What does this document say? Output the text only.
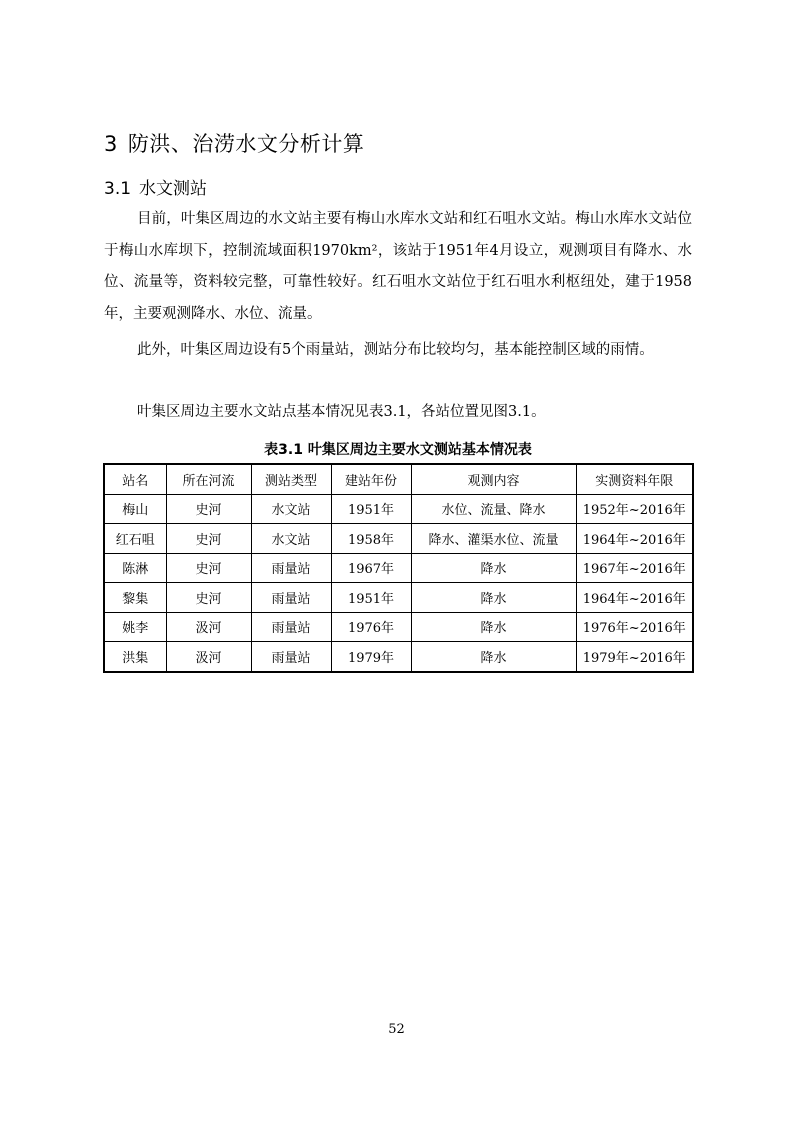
3 防洪、治涝水文分析计算
3.1 水文测站

目前，叶集区周边的水文站主要有梅山水库水文站和红石咀水文站。梅山水库水文站位于梅山水库坝下，控制流域面积1970km²，该站于1951年4月设立，观测项目有降水、水位、流量等，资料较完整，可靠性较好。红石咀水文站位于红石咀水利枢纽处，建于1958年，主要观测降水、水位、流量。

此外，叶集区周边设有5个雨量站，测站分布比较均匀，基本能控制区域的雨情。

叶集区周边主要水文站点基本情况见表3.1，各站位置见图3.1。

表3.1 叶集区周边主要水文测站基本情况表

站名	所在河流	测站类型	建站年份	观测内容	实测资料年限
梅山	史河	水文站	1951年	水位、流量、降水	1952年~2016年
红石咀	史河	水文站	1958年	降水、灌渠水位、流量	1964年~2016年
陈淋	史河	雨量站	1967年	降水	1967年~2016年
黎集	史河	雨量站	1951年	降水	1964年~2016年
姚李	汲河	雨量站	1976年	降水	1976年~2016年
洪集	汲河	雨量站	1979年	降水	1979年~2016年
52
